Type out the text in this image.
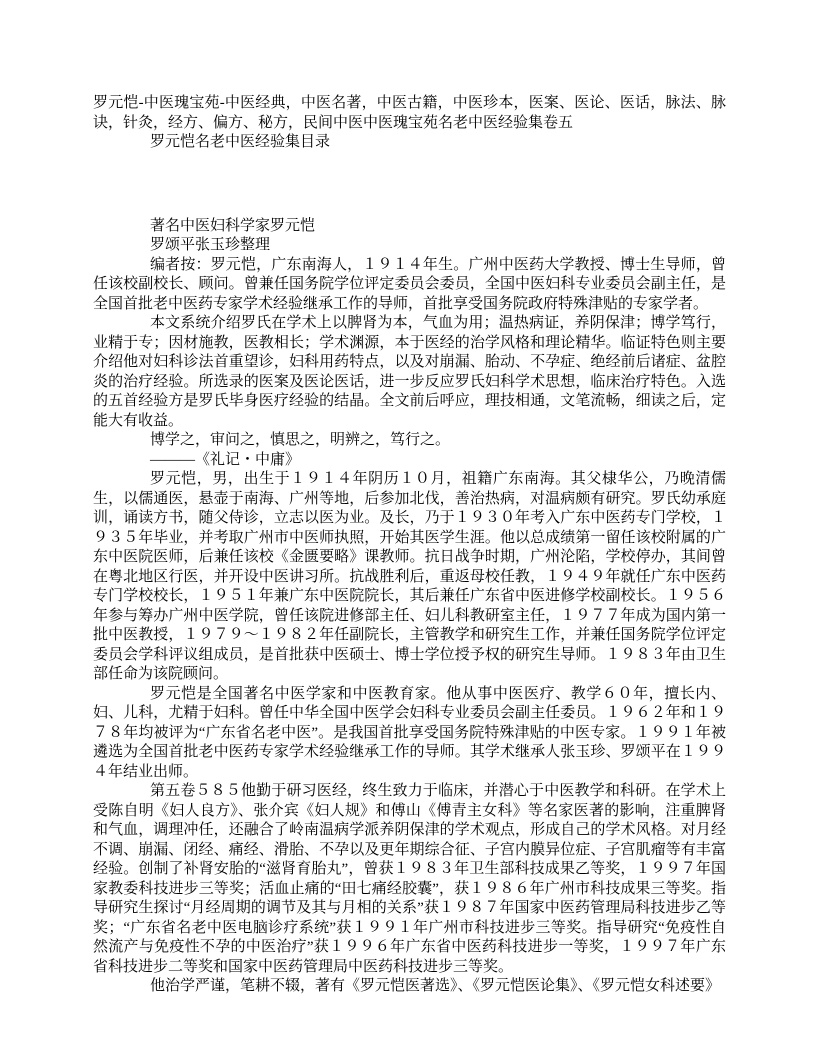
罗元恺-中医瑰宝苑-中医经典，中医名著，中医古籍，中医珍本，医案、医论、医话，脉法、脉诀，针灸，经方、偏方、秘方，民间中医中医瑰宝苑名老中医经验集卷五

罗元恺名老中医经验集目录

著名中医妇科学家罗元恺

罗颂平张玉珍整理

编者按：罗元恺，广东南海人，１９１４年生。广州中医药大学教授、博士生导师，曾任该校副校长、顾问。曾兼任国务院学位评定委员会委员，全国中医妇科专业委员会副主任，是全国首批老中医药专家学术经验继承工作的导师，首批享受国务院政府特殊津贴的专家学者。

本文系统介绍罗氏在学术上以脾肾为本，气血为用；温热病证，养阴保津；博学笃行，业精于专；因材施教，医教相长；学术渊源，本于医经的治学风格和理论精华。临证特色则主要介绍他对妇科诊法首重望诊，妇科用药特点，以及对崩漏、胎动、不孕症、绝经前后诸症、盆腔炎的治疗经验。所选录的医案及医论医话，进一步反应罗氏妇科学术思想，临床治疗特色。入选的五首经验方是罗氏毕身医疗经验的结晶。全文前后呼应，理技相通，文笔流畅，细读之后，定能大有收益。

博学之，审问之，慎思之，明辨之，笃行之。

———《礼记・中庸》

罗元恺，男，出生于１９１４年阴历１０月，祖籍广东南海。其父棣华公，乃晚清儒生，以儒通医，悬壶于南海、广州等地，后参加北伐，善治热病，对温病颇有研究。罗氏幼承庭训，诵读方书，随父侍诊，立志以医为业。及长，乃于１９３０年考入广东中医药专门学校，１９３５年毕业，并考取广州市中医师执照，开始其医学生涯。他以总成绩第一留任该校附属的广东中医院医师，后兼任该校《金匮要略》课教师。抗日战争时期，广州沦陷，学校停办，其间曾在粤北地区行医，并开设中医讲习所。抗战胜利后，重返母校任教，１９４９年就任广东中医药专门学校校长，１９５１年兼广东中医院院长，其后兼任广东省中医进修学校副校长。１９５６年参与筹办广州中医学院，曾任该院进修部主任、妇儿科教研室主任，１９７７年成为国内第一批中医教授，１９７９～１９８２年任副院长，主管教学和研究生工作，并兼任国务院学位评定委员会学科评议组成员，是首批获中医硕士、博士学位授予权的研究生导师。１９８３年由卫生部任命为该院顾问。

罗元恺是全国著名中医学家和中医教育家。他从事中医医疗、教学６０年，擅长内、妇、儿科，尤精于妇科。曾任中华全国中医学会妇科专业委员会副主任委员。１９６２年和１９７８年均被评为“广东省名老中医”。是我国首批享受国务院特殊津贴的中医专家。１９９１年被遴选为全国首批老中医药专家学术经验继承工作的导师。其学术继承人张玉珍、罗颂平在１９９４年结业出师。

第五卷５８５他勤于研习医经，终生致力于临床，并潜心于中医教学和科研。在学术上受陈自明《妇人良方》、张介宾《妇人规》和傅山《傅青主女科》等名家医著的影响，注重脾肾和气血，调理冲任，还融合了岭南温病学派养阴保津的学术观点，形成自己的学术风格。对月经不调、崩漏、闭经、痛经、滑胎、不孕以及更年期综合征、子宫内膜异位症、子宫肌瘤等有丰富经验。创制了补肾安胎的“滋肾育胎丸”，曾获１９８３年卫生部科技成果乙等奖，１９９７年国家教委科技进步三等奖；活血止痛的“田七痛经胶囊”，获１９８６年广州市科技成果三等奖。指导研究生探讨“月经周期的调节及其与月相的关系”获１９８７年国家中医药管理局科技进步乙等奖；“广东省名老中医电脑诊疗系统”获１９９１年广州市科技进步三等奖。指导研究“免疫性自然流产与免疫性不孕的中医治疗”获１９９６年广东省中医药科技进步一等奖，１９９７年广东省科技进步二等奖和国家中医药管理局中医药科技进步三等奖。

他治学严谨，笔耕不辍，著有《罗元恺医著选》、《罗元恺医论集》、《罗元恺女科述要》
